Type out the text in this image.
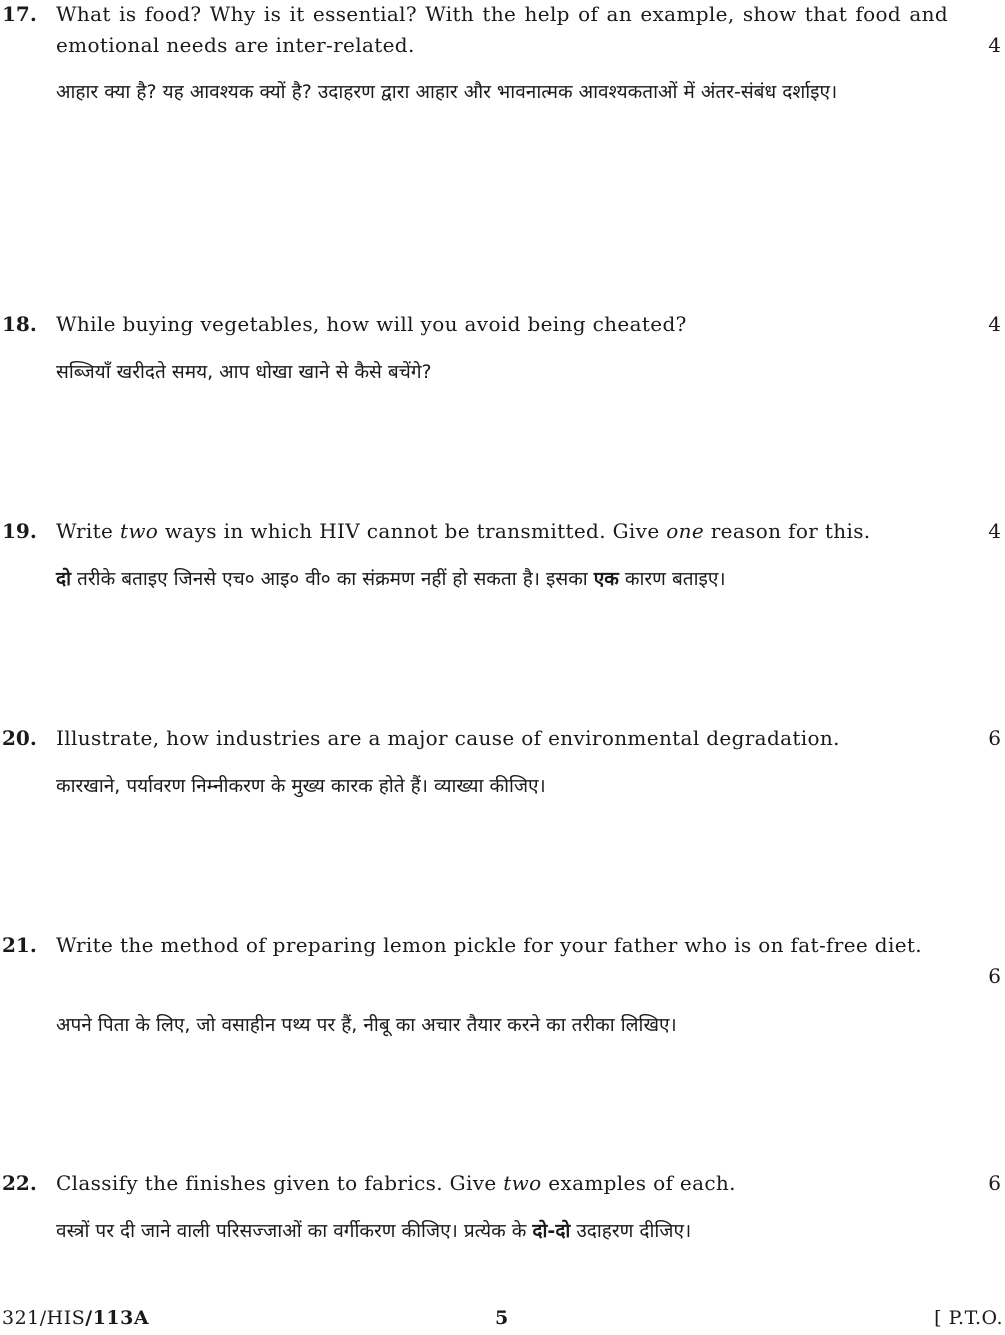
17. What is food? Why is it essential? With the help of an example, show that food and emotional needs are inter-related.	4
आहार क्या है? यह आवश्यक क्यों है? उदाहरण द्वारा आहार और भावनात्मक आवश्यकताओं में अंतर-संबंध दर्शाइए।
18. While buying vegetables, how will you avoid being cheated?	4
सब्जियाँ खरीदते समय, आप धोखा खाने से कैसे बचेंगे?
19. Write two ways in which HIV cannot be transmitted. Give one reason for this.	4
दो तरीके बताइए जिनसे एच० आइ० वी० का संक्रमण नहीं हो सकता है। इसका एक कारण बताइए।
20. Illustrate, how industries are a major cause of environmental degradation.	6
कारखाने, पर्यावरण निम्नीकरण के मुख्य कारक होते हैं। व्याख्या कीजिए।
21. Write the method of preparing lemon pickle for your father who is on fat-free diet.
6
अपने पिता के लिए, जो वसाहीन पथ्य पर हैं, नीबू का अचार तैयार करने का तरीका लिखिए।
22. Classify the finishes given to fabrics. Give two examples of each.	6
वस्त्रों पर दी जाने वाली परिसज्जाओं का वर्गीकरण कीजिए। प्रत्येक के दो-दो उदाहरण दीजिए।
321/HIS/113A	5	[ P.T.O.
